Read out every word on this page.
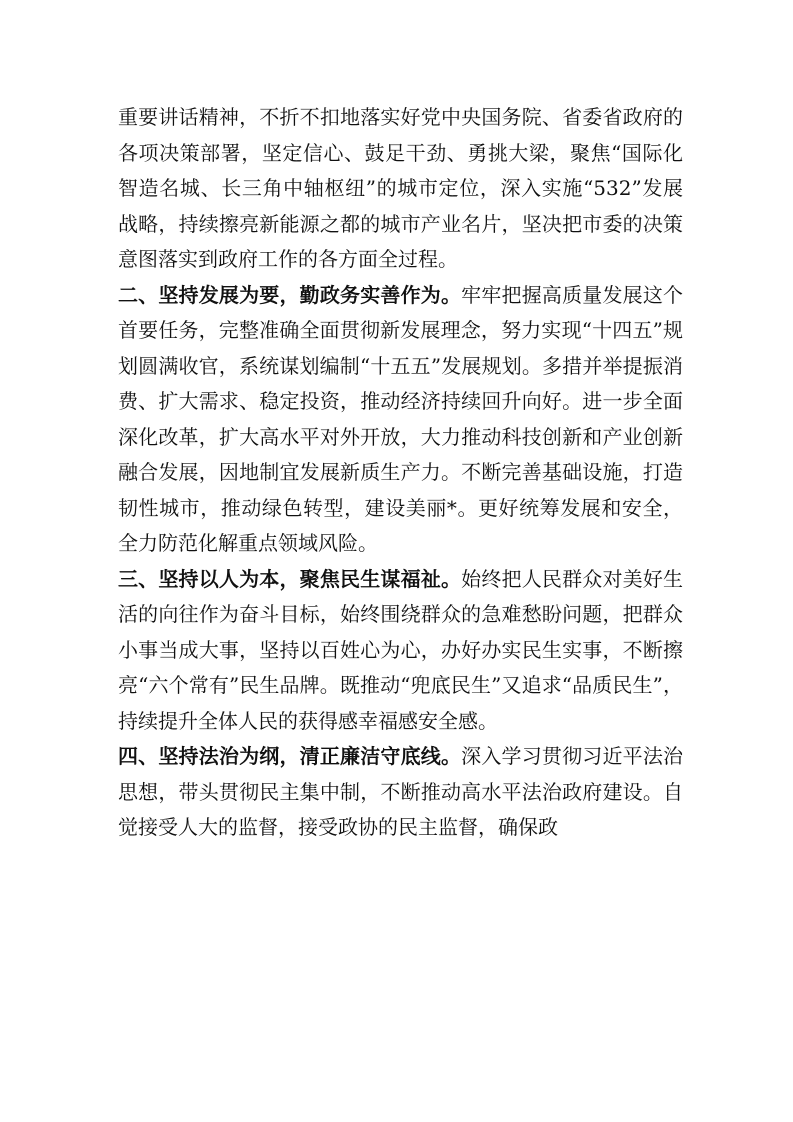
重要讲话精神，不折不扣地落实好党中央国务院、省委省政府的各项决策部署，坚定信心、鼓足干劲、勇挑大梁，聚焦“国际化智造名城、长三角中轴枢纽”的城市定位，深入实施“532”发展战略，持续擦亮新能源之都的城市产业名片，坚决把市委的决策意图落实到政府工作的各方面全过程。

二、坚持发展为要，勤政务实善作为。牢牢把握高质量发展这个首要任务，完整准确全面贯彻新发展理念，努力实现“十四五”规划圆满收官，系统谋划编制“十五五”发展规划。多措并举提振消费、扩大需求、稳定投资，推动经济持续回升向好。进一步全面深化改革，扩大高水平对外开放，大力推动科技创新和产业创新融合发展，因地制宜发展新质生产力。不断完善基础设施，打造韧性城市，推动绿色转型，建设美丽*。更好统筹发展和安全，全力防范化解重点领域风险。

三、坚持以人为本，聚焦民生谋福祉。始终把人民群众对美好生活的向往作为奋斗目标，始终围绕群众的急难愁盼问题，把群众小事当成大事，坚持以百姓心为心，办好办实民生实事，不断擦亮“六个常有”民生品牌。既推动“兜底民生”又追求“品质民生”，持续提升全体人民的获得感幸福感安全感。

四、坚持法治为纲，清正廉洁守底线。深入学习贯彻习近平法治思想，带头贯彻民主集中制，不断推动高水平法治政府建设。自觉接受人大的监督，接受政协的民主监督，确保政
